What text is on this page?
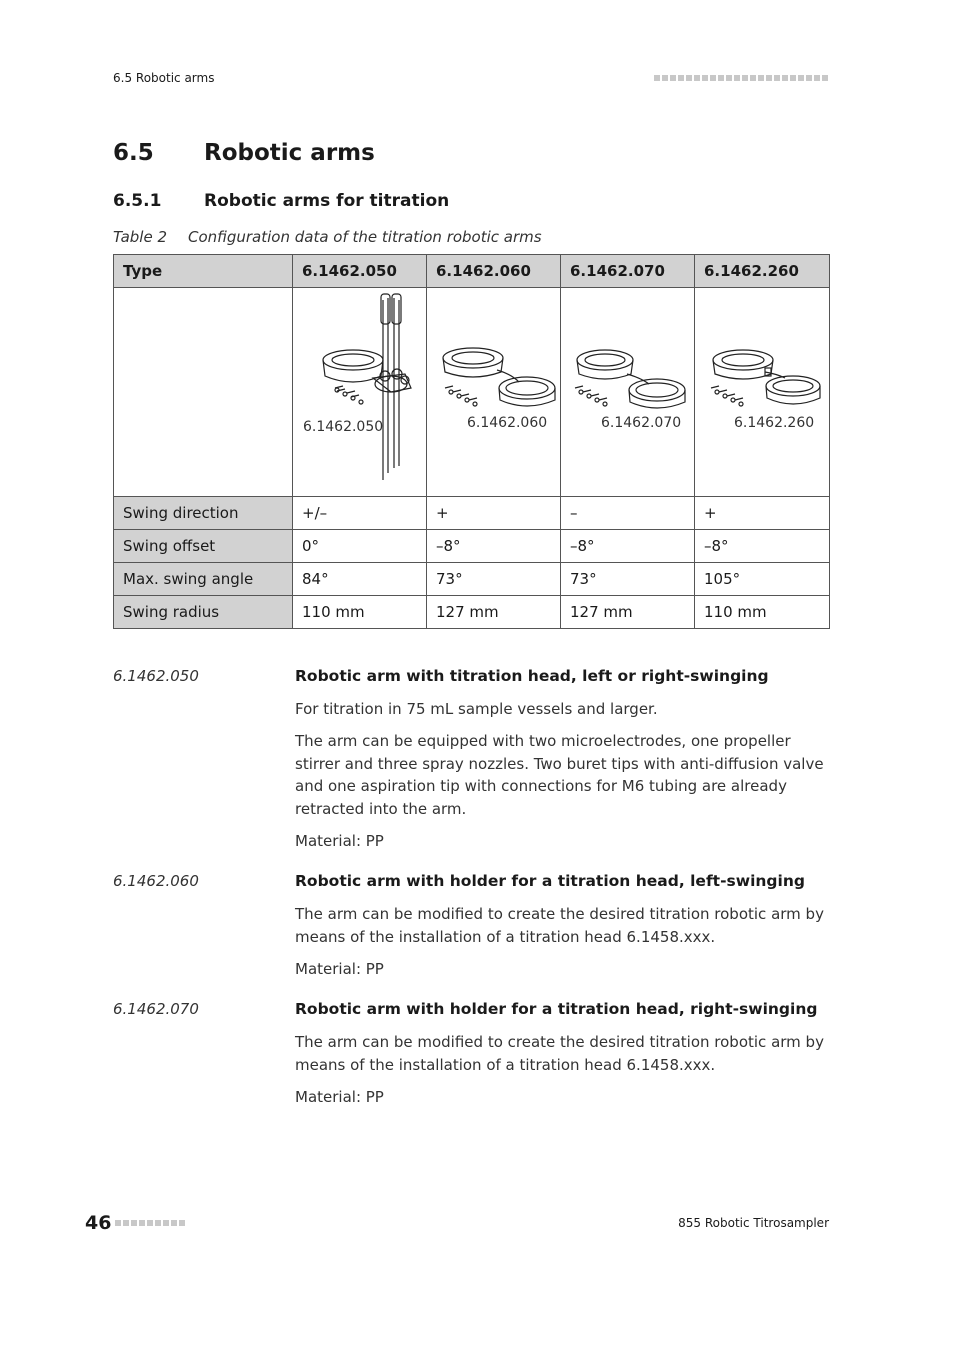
6.5 Robotic arms
6.5 Robotic arms
6.5.1	Robotic arms for titration
Table 2 Configuration data of the titration robotic arms
Type	6.1462.050	6.1462.060	6.1462.070	6.1462.260

	6.1462.050	6.1462.060	6.1462.070	6.1462.260

Swing direction	+/–	+	–	+
Swing offset	0°	–8°	–8°	–8°
Max. swing angle	84°	73°	73°	105°
Swing radius	110 mm	127 mm	127 mm	110 mm
6.1462.050	Robotic arm with titration head, left or right-swinging

For titration in 75 mL sample vessels and larger.

The arm can be equipped with two microelectrodes, one propeller stirrer and three spray nozzles. Two buret tips with anti-diffusion valve and one aspiration tip with connections for M6 tubing are already retracted into the arm.

Material: PP

6.1462.060	Robotic arm with holder for a titration head, left-swinging

The arm can be modified to create the desired titration robotic arm by means of the installation of a titration head 6.1458.xxx.

Material: PP

6.1462.070	Robotic arm with holder for a titration head, right-swinging

The arm can be modified to create the desired titration robotic arm by means of the installation of a titration head 6.1458.xxx.

Material: PP

46	855 Robotic Titrosampler
